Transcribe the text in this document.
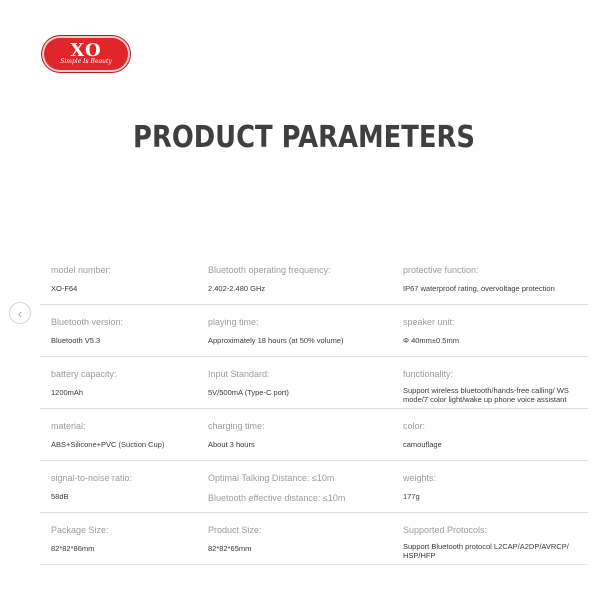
XO
Simple Is Beauty
PRODUCT PARAMETERS
‹
model number:
XO-F64
Bluetooth operating frequency:
2.402-2.480 GHz
protective function:
IP67 waterproof rating, overvoltage protection
Bluetooth version:
Bluetooth V5.3
playing time:
Approximately 18 hours (at 50% volume)
speaker unit:
Φ 40mm±0.5mm
battery capacity:
1200mAh
Input Standard:
5V/500mA (Type-C port)
functionality:
Support wireless bluetooth/hands-free calling/ WS mode/7 color light/wake up phone voice assistant
material:
ABS+Silicone+PVC (Suction Cup)
charging time:
About 3 hours
color:
camouflage
signal-to-noise ratio:
58dB
Optimal Talking Distance: ≤10m
Bluetooth effective distance: ≤10m
weights:
177g
Package Size:
82*82*86mm
Product Size:
82*82*65mm
Supported Protocols:
Support Bluetooth protocol L2CAP/A2DP/AVRCP/ HSP/HFP
